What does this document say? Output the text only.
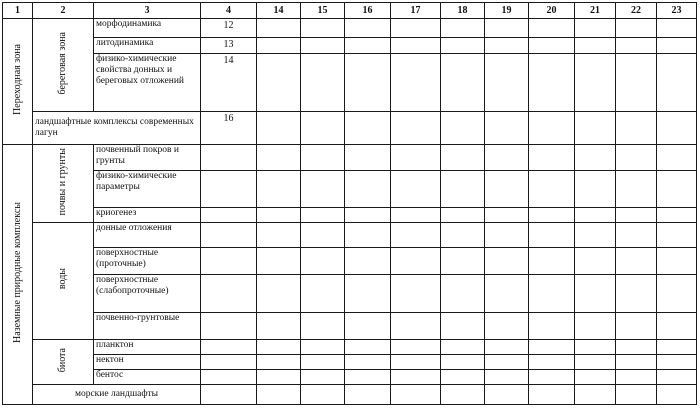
1	2	3	4	14	15	16	17	18	19	20	21	22	23
Переходная зона	береговая зона	морфодинамика	12										
		литодинамика	13										
		физико-химические свойства донных и береговых отложений	14										
	ландшафтные комплексы современных лагун		16										
Наземные природные комплексы	почвы и грунты	почвенный покров и грунты											
		физико-химические параметры											
		криогенез											
	воды	донные отложения											
		поверхностные (проточные)											
		поверхностные (слабопроточные)											
		почвенно-грунтовые											
	биота	планктон											
		нектон											
		бентос											
	морские ландшафты												
